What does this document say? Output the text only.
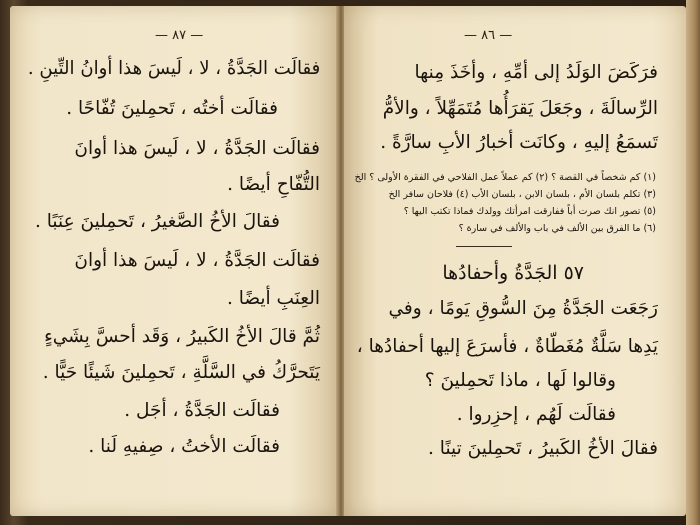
— ٨٧ —
فقالَت الجَدَّةُ ، لا ، لَيسَ هذا أوانُ التِّينِ .
فقالَت أختُه ، تَحمِلينَ تُفّاحًا .
فقالَت الجَدَّةُ ، لا ، لَيسَ هذا أوانَ
التُّفّاحِ أيضًا .
فقالَ الأخُ الصَّغيرُ ، تَحمِلينَ عِنَبًا .
فقالَت الجَدَّةُ ، لا ، لَيسَ هذا أوانَ
العِنَبِ أيضًا .
ثُمَّ قالَ الأخُ الكَبيرُ ، وَقَد أحسَّ بِشَيءٍ
يَتَحرَّكُ في السَّلَّةِ ، تَحمِلينَ شَيئًا حَيًّا .
فقالَت الجَدَّةُ ، أجَل .
فقالَت الأختُ ، صِفيهِ لَنا .
— ٨٦ —
فرَكَضَ الوَلَدُ إلى أمِّهِ ، وأخَذَ مِنها
الرِّسالَةَ ، وجَعَلَ يَقرَأُها مُتَمَهِّلاً ، والأمُّ
تَسمَعُ إليهِ ، وكانَت أخبارُ الأبِ سارَّةً .
(١) كم شخصاً في القصة ؟ (٢) كم عملاً عمل الفلاحي في الفقرة الأولى ؟ الخ
(٣) تكلم بلسان الأم ، بلسان الابن ، بلسان الأب (٤) فلاحان سافر الخ
(٥) تصور انك صرت أباً ففارقت امرأتك وولدك فماذا تكتب اليها ؟
(٦) ما الفرق بين الألف في باب والألف في سارة ؟
٥٧ الجَدَّةُ وأحفادُها
رَجَعَت الجَدَّةُ مِنَ السُّوقِ يَومًا ، وفي
يَدِها سَلَّةٌ مُغَطّاةٌ ، فأسرَعَ إليها أحفادُها ،
وقالوا لَها ، ماذا تَحمِلينَ ؟
فقالَت لَهُم ، إحزِروا .
فقالَ الأخُ الكَبيرُ ، تَحمِلينَ تينًا .
